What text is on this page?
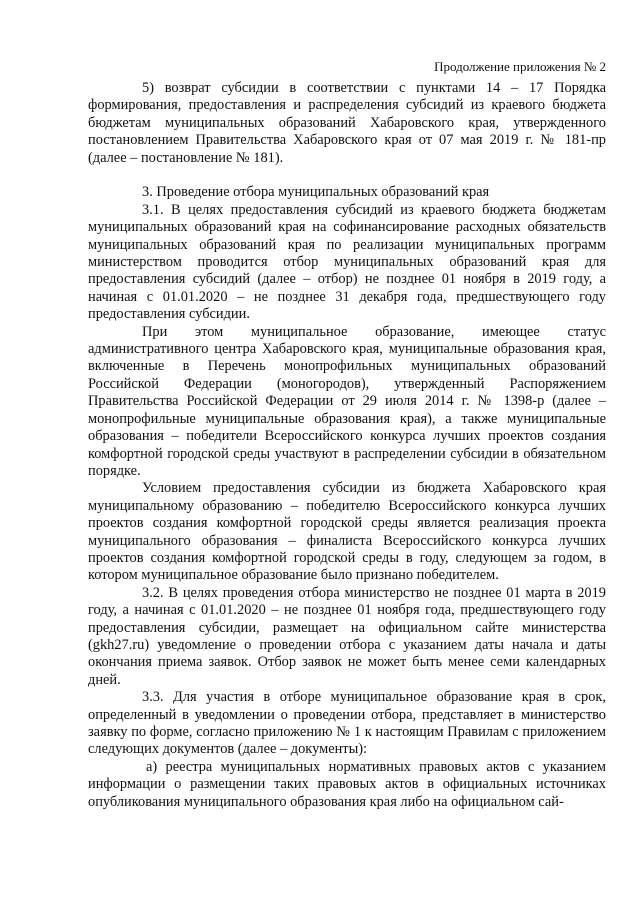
Продолжение приложения № 2

5) возврат субсидии в соответствии с пунктами 14 – 17 Порядка формирования, предоставления и распределения субсидий из краевого бюджета бюджетам муниципальных образований Хабаровского края, утвержденного постановлением Правительства Хабаровского края от 07 мая 2019 г. № 181-пр (далее – постановление № 181).

3. Проведение отбора муниципальных образований края

3.1. В целях предоставления субсидий из краевого бюджета бюджетам муниципальных образований края на софинансирование расходных обязательств муниципальных образований края по реализации муниципальных программ министерством проводится отбор муниципальных образований края для предоставления субсидий (далее – отбор) не позднее 01 ноября в 2019 году, а начиная с 01.01.2020 – не позднее 31 декабря года, предшествующего году предоставления субсидии.

При этом муниципальное образование, имеющее статус административного центра Хабаровского края, муниципальные образования края, включенные в Перечень монопрофильных муниципальных образований Российской Федерации (моногородов), утвержденный Распоряжением Правительства Российской Федерации от 29 июля 2014 г. № 1398-р (далее – монопрофильные муниципальные образования края), а также муниципальные образования – победители Всероссийского конкурса лучших проектов создания комфортной городской среды участвуют в распределении субсидии в обязательном порядке.

Условием предоставления субсидии из бюджета Хабаровского края муниципальному образованию – победителю Всероссийского конкурса лучших проектов создания комфортной городской среды является реализация проекта муниципального образования – финалиста Всероссийского конкурса лучших проектов создания комфортной городской среды в году, следующем за годом, в котором муниципальное образование было признано победителем.

3.2. В целях проведения отбора министерство не позднее 01 марта в 2019 году, а начиная с 01.01.2020 – не позднее 01 ноября года, предшествующего году предоставления субсидии, размещает на официальном сайте министерства (gkh27.ru) уведомление о проведении отбора с указанием даты начала и даты окончания приема заявок. Отбор заявок не может быть менее семи календарных дней.

3.3. Для участия в отборе муниципальное образование края в срок, определенный в уведомлении о проведении отбора, представляет в министерство заявку по форме, согласно приложению № 1 к настоящим Правилам с приложением следующих документов (далее – документы):

а) реестра муниципальных нормативных правовых актов с указанием информации о размещении таких правовых актов в официальных источниках опубликования муниципального образования края либо на официальном сай-
